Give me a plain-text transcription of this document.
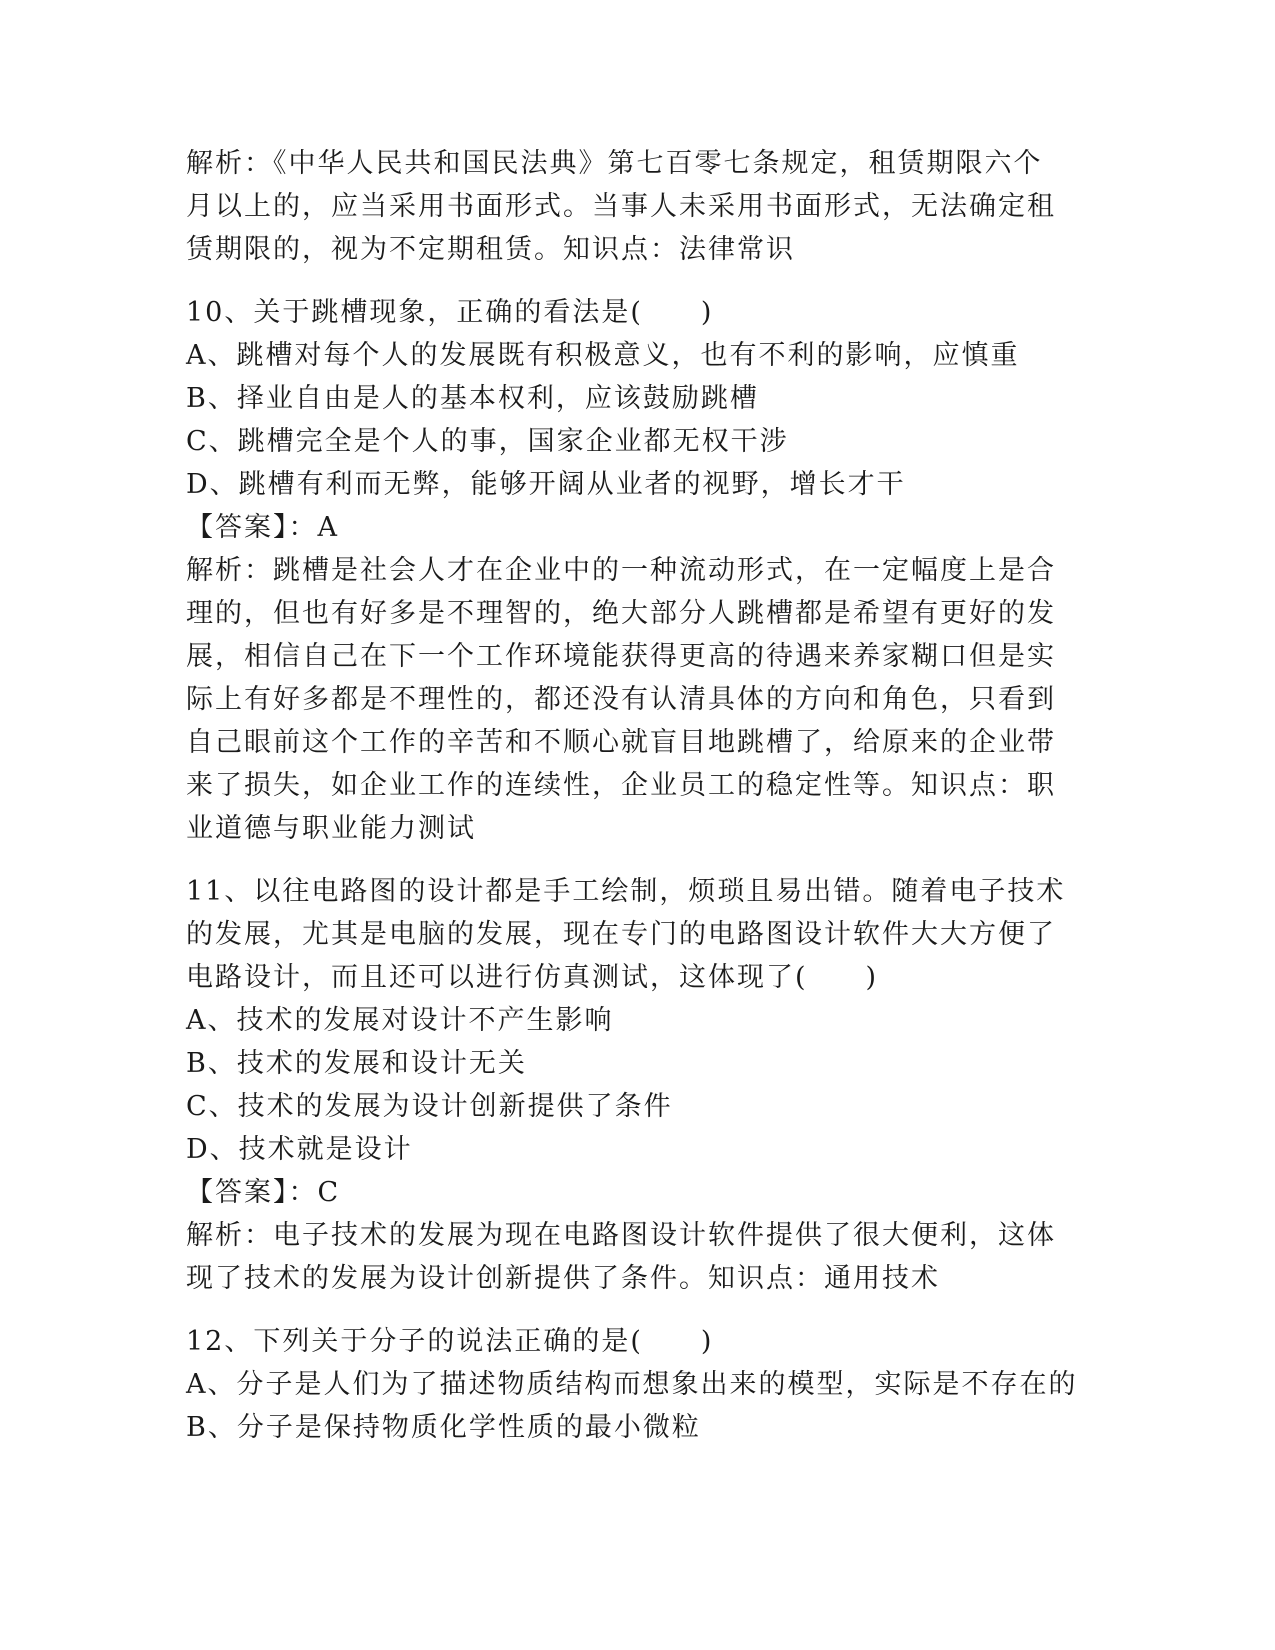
解析：《中华人民共和国民法典》第七百零七条规定，租赁期限六个
月以上的，应当采用书面形式。当事人未采用书面形式，无法确定租
赁期限的，视为不定期租赁。知识点：法律常识
10、关于跳槽现象，正确的看法是(　　)
A、跳槽对每个人的发展既有积极意义，也有不利的影响，应慎重
B、择业自由是人的基本权利，应该鼓励跳槽
C、跳槽完全是个人的事，国家企业都无权干涉
D、跳槽有利而无弊，能够开阔从业者的视野，增长才干
【答案】：A
解析：跳槽是社会人才在企业中的一种流动形式，在一定幅度上是合
理的，但也有好多是不理智的，绝大部分人跳槽都是希望有更好的发
展，相信自己在下一个工作环境能获得更高的待遇来养家糊口但是实
际上有好多都是不理性的，都还没有认清具体的方向和角色，只看到
自己眼前这个工作的辛苦和不顺心就盲目地跳槽了，给原来的企业带
来了损失，如企业工作的连续性，企业员工的稳定性等。知识点：职
业道德与职业能力测试
11、以往电路图的设计都是手工绘制，烦琐且易出错。随着电子技术
的发展，尤其是电脑的发展，现在专门的电路图设计软件大大方便了
电路设计，而且还可以进行仿真测试，这体现了(　　)
A、技术的发展对设计不产生影响
B、技术的发展和设计无关
C、技术的发展为设计创新提供了条件
D、技术就是设计
【答案】：C
解析：电子技术的发展为现在电路图设计软件提供了很大便利，这体
现了技术的发展为设计创新提供了条件。知识点：通用技术
12、下列关于分子的说法正确的是(　　)
A、分子是人们为了描述物质结构而想象出来的模型，实际是不存在的
B、分子是保持物质化学性质的最小微粒
